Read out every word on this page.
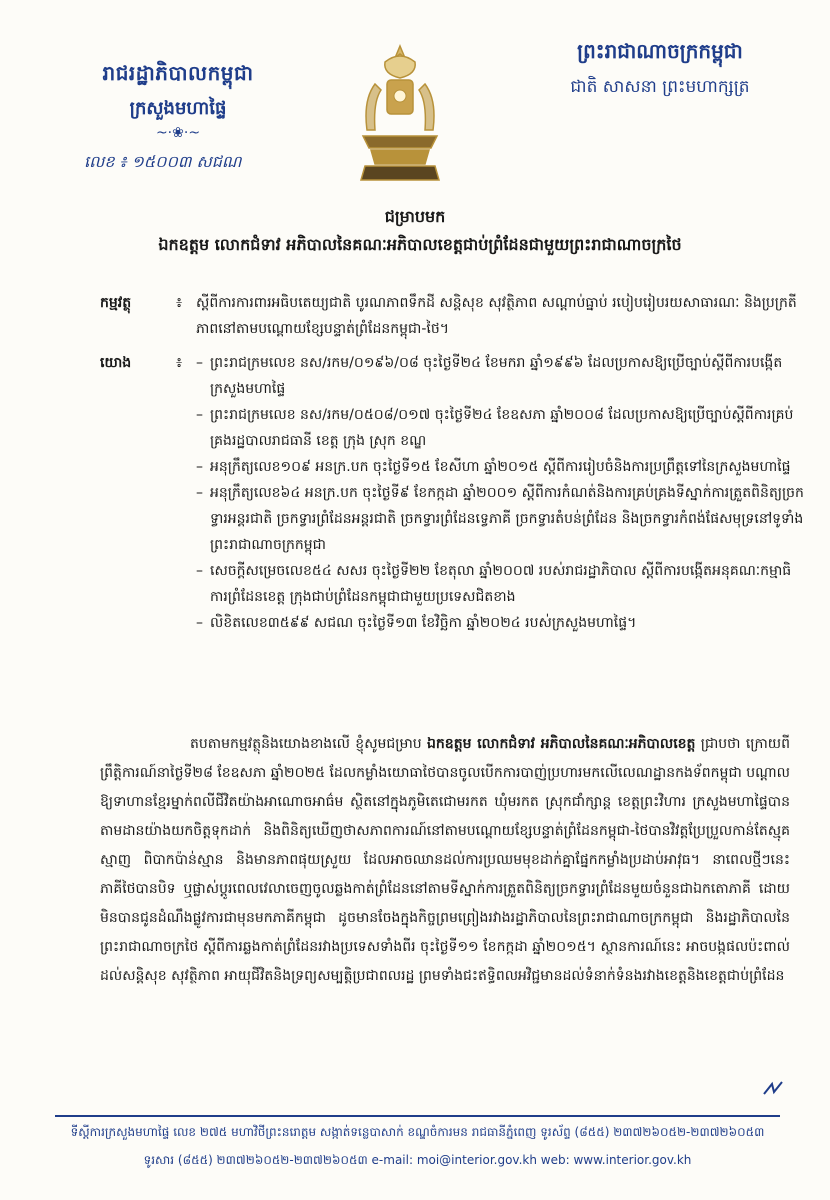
រាជរដ្ឋាភិបាលកម្ពុជា
ក្រសួងមហាផ្ទៃ
~·❀·~
លេខ ៖ ១៥០០៣ សជណ
ព្រះរាជាណាចក្រកម្ពុជា
ជាតិ សាសនា ព្រះមហាក្សត្រ
ជម្រាបមក
ឯកឧត្តម លោកជំទាវ អភិបាលនៃគណៈអភិបាលខេត្តជាប់ព្រំដែនជាមួយព្រះរាជាណាចក្រថៃ
កម្មវត្ថុ	៖ ស្ដីពីការការពារអធិបតេយ្យជាតិ បូរណភាពទឹកដី សន្តិសុខ សុវត្ថិភាព សណ្ដាប់ធ្នាប់ របៀបរៀបរយសាធារណៈ និងប្រក្រតីភាពនៅតាមបណ្ដោយខ្សែបន្ទាត់ព្រំដែនកម្ពុជា-ថៃ។
យោង	៖

–	ព្រះរាជក្រមលេខ នស/រកម/០១៩៦/០៨ ចុះថ្ងៃទី២៤ ខែមករា ឆ្នាំ១៩៩៦ ដែលប្រកាសឱ្យប្រើច្បាប់ស្ដីពីការបង្កើតក្រសួងមហាផ្ទៃ

– ព្រះរាជក្រមលេខ នស/រកម/០៥០៨/០១៧ ចុះថ្ងៃទី២៤ ខែឧសភា ឆ្នាំ២០០៨ ដែលប្រកាសឱ្យប្រើច្បាប់ស្ដីពីការគ្រប់គ្រងរដ្ឋបាលរាជធានី ខេត្ត ក្រុង ស្រុក ខណ្ឌ

– អនុក្រឹត្យលេខ១០៩ អនក្រ.បក ចុះថ្ងៃទី១៥ ខែសីហា ឆ្នាំ២០១៥ ស្ដីពីការរៀបចំនិងការប្រព្រឹត្តទៅនៃក្រសួងមហាផ្ទៃ

– អនុក្រឹត្យលេខ៦៤ អនក្រ.បក ចុះថ្ងៃទី៩ ខែកក្កដា ឆ្នាំ២០០១ ស្ដីពីការកំណត់និងការគ្រប់គ្រងទីស្នាក់ការត្រួតពិនិត្យច្រកទ្វារអន្តរជាតិ ច្រកទ្វារព្រំដែនអន្តរជាតិ ច្រកទ្វារព្រំដែនទ្វេភាគី ច្រកទ្វារតំបន់ព្រំដែន និងច្រកទ្វារកំពង់ផែសមុទ្រនៅទូទាំងព្រះរាជាណាចក្រកម្ពុជា

– សេចក្ដីសម្រេចលេខ៥៤ សសរ ចុះថ្ងៃទី២២ ខែតុលា ឆ្នាំ២០០៧ របស់រាជរដ្ឋាភិបាល ស្ដីពីការបង្កើតអនុគណៈកម្មាធិការព្រំដែនខេត្ត ក្រុងជាប់ព្រំដែនកម្ពុជាជាមួយប្រទេសជិតខាង

– លិខិតលេខ៣៥៩៩ សជណ ចុះថ្ងៃទី១៣ ខែវិច្ឆិកា ឆ្នាំ២០២៤ របស់ក្រសួងមហាផ្ទៃ។

តបតាមកម្មវត្ថុនិងយោងខាងលើ ខ្ញុំសូមជម្រាប ឯកឧត្តម លោកជំទាវ អភិបាលនៃគណៈអភិបាលខេត្ត ជ្រាបថា ក្រោយពីព្រឹត្តិការណ៍នាថ្ងៃទី២៨ ខែឧសភា ឆ្នាំ២០២៥ ដែលកម្លាំងយោធាថៃបានចូលបើកការបាញ់ប្រហារមកលើលេណដ្ឋានកងទ័ពកម្ពុជា បណ្ដាលឱ្យទាហានខ្មែរម្នាក់ពលីជីវិតយ៉ាងអាណោចអាធ៌ម ស្ថិតនៅក្នុងភូមិតេជោមរកត ឃុំមរកត ស្រុកជាំក្សាន្ត ខេត្តព្រះវិហារ ក្រសួងមហាផ្ទៃបានតាមដានយ៉ាងយកចិត្តទុកដាក់ និងពិនិត្យឃើញថាសភាពការណ៍នៅតាមបណ្ដោយខ្សែបន្ទាត់ព្រំដែនកម្ពុជា-ថៃបានវិវត្តប្រែប្រួលកាន់តែស្មុគស្មាញ ពិបាកប៉ាន់ស្មាន និងមានភាពផុយស្រួយ ដែលអាចឈានដល់ការប្រឈមមុខដាក់គ្នាផ្នែកកម្លាំងប្រដាប់អាវុធ។ នាពេលថ្មីៗនេះ ភាគីថៃបានបិទ ឬផ្លាស់ប្ដូរពេលវេលាចេញចូលឆ្លងកាត់ព្រំដែននៅតាមទីស្នាក់ការត្រួតពិនិត្យច្រកទ្វារព្រំដែនមួយចំនួនជាឯកតោភាគី ដោយមិនបានជូនដំណឹងផ្លូវការជាមុនមកភាគីកម្ពុជា ដូចមានចែងក្នុងកិច្ចព្រមព្រៀងរវាងរដ្ឋាភិបាលនៃព្រះរាជាណាចក្រកម្ពុជា និងរដ្ឋាភិបាលនៃព្រះរាជាណាចក្រថៃ ស្ដីពីការឆ្លងកាត់ព្រំដែនរវាងប្រទេសទាំងពីរ ចុះថ្ងៃទី១១ ខែកក្កដា ឆ្នាំ២០១៥។ ស្ថានការណ៍នេះ អាចបង្កផលប៉ះពាល់ដល់សន្តិសុខ សុវត្ថិភាព អាយុជីវិតនិងទ្រព្យសម្បត្តិប្រជាពលរដ្ឋ ព្រមទាំងជះឥទ្ធិពលអវិជ្ជមានដល់ទំនាក់ទំនងរវាងខេត្តនិងខេត្តជាប់ព្រំដែន
ទីស្ដីការក្រសួងមហាផ្ទៃ លេខ ២៧៥ មហាវិថីព្រះនរោត្តម សង្កាត់ទន្លេបាសាក់ ខណ្ឌចំការមន រាជធានីភ្នំពេញ ទូរស័ព្ទ (៨៥៥) ២៣៧២៦០៥២-២៣៧២៦០៥៣
ទូរសារ (៨៥៥) ២៣៧២៦០៥២-២៣៧២៦០៥៣ e-mail: moi@interior.gov.kh web: www.interior.gov.kh
